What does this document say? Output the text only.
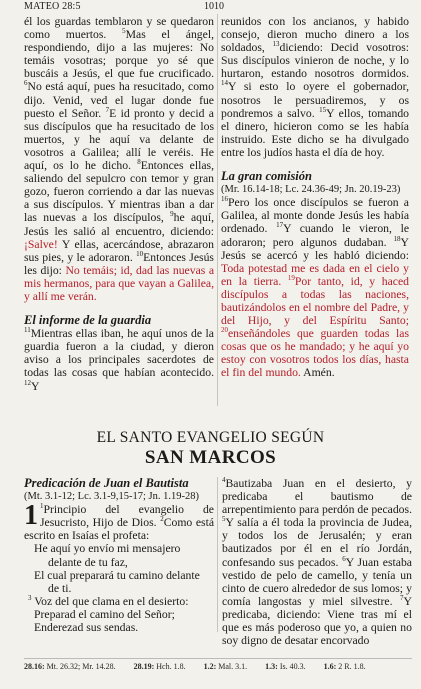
MATEO 28:5	1010

él los guardas temblaron y se quedaron como muertos. $^5$Mas el ángel, respondiendo, dijo a las mujeres: No temáis vosotras; porque yo sé que buscáis a Jesús, el que fue crucificado. $^6$No está aquí, pues ha resucitado, como dijo. Venid, ved el lugar donde fue puesto el Señor. $^7$E id pronto y decid a sus discípulos que ha resucitado de los muertos, y he aquí va delante de vosotros a Galilea; allí le veréis. He aquí, os lo he dicho. $^8$Entonces ellas, saliendo del sepulcro con temor y gran gozo, fueron corriendo a dar las nuevas a sus discípulos. Y mientras iban a dar las nuevas a los discípulos, $^9$he aquí, Jesús les salió al encuentro, diciendo: ¡Salve! Y ellas, acercándose, abrazaron sus pies, y le adoraron. $^{10}$Entonces Jesús les dijo: No temáis; id, dad las nuevas a mis hermanos, para que vayan a Galilea, y allí me verán.

El informe de la guardia

$^{11}$Mientras ellas iban, he aquí unos de la guardia fueron a la ciudad, y dieron aviso a los principales sacerdotes de todas las cosas que habían acontecido. $^{12}$Y

reunidos con los ancianos, y habido consejo, dieron mucho dinero a los soldados, $^{13}$diciendo: Decid vosotros: Sus discípulos vinieron de noche, y lo hurtaron, estando nosotros dormidos. $^{14}$Y si esto lo oyere el gobernador, nosotros le persuadiremos, y os pondremos a salvo. $^{15}$Y ellos, tomando el dinero, hicieron como se les había instruido. Este dicho se ha divulgado entre los judíos hasta el día de hoy.

La gran comisión

(Mr. 16.14-18; Lc. 24.36-49; Jn. 20.19-23)

$^{16}$Pero los once discípulos se fueron a Galilea, al monte donde Jesús les había ordenado. $^{17}$Y cuando le vieron, le adoraron; pero algunos dudaban. $^{18}$Y Jesús se acercó y les habló diciendo: Toda potestad me es dada en el cielo y en la tierra. $^{19}$Por tanto, id, y haced discípulos a todas las naciones, bautizándolos en el nombre del Padre, y del Hijo, y del Espíritu Santo; $^{20}$enseñándoles que guarden todas las cosas que os he mandado; y he aquí yo estoy con vosotros todos los días, hasta el fin del mundo. Amén.

EL SANTO EVANGELIO SEGÚN
SAN MARCOS

Predicación de Juan el Bautista

(Mt. 3.1-12; Lc. 3.1-9,15-17; Jn. 1.19-28)

1 $^1$Principio del evangelio de Jesucristo, Hijo de Dios. $^2$Como está escrito en Isaías el profeta:

He aquí yo envío mi mensajero

delante de tu faz,

El cual preparará tu camino delante

de ti.

$^3$ Voz del que clama en el desierto:

Preparad el camino del Señor;

Enderezad sus sendas.

$^4$Bautizaba Juan en el desierto, y predicaba el bautismo de arrepentimiento para perdón de pecados. $^5$Y salía a él toda la provincia de Judea, y todos los de Jerusalén; y eran bautizados por él en el río Jordán, confesando sus pecados. $^6$Y Juan estaba vestido de pelo de camello, y tenía un cinto de cuero alrededor de sus lomos; y comía langostas y miel silvestre. $^7$Y predicaba, diciendo: Viene tras mí el que es más poderoso que yo, a quien no soy digno de desatar encorvado

28.16: Mt. 26.32; Mr. 14.28. 28.19: Hch. 1.8. 1.2: Mal. 3.1. 1.3: Is. 40.3. 1.6: 2 R. 1.8.
